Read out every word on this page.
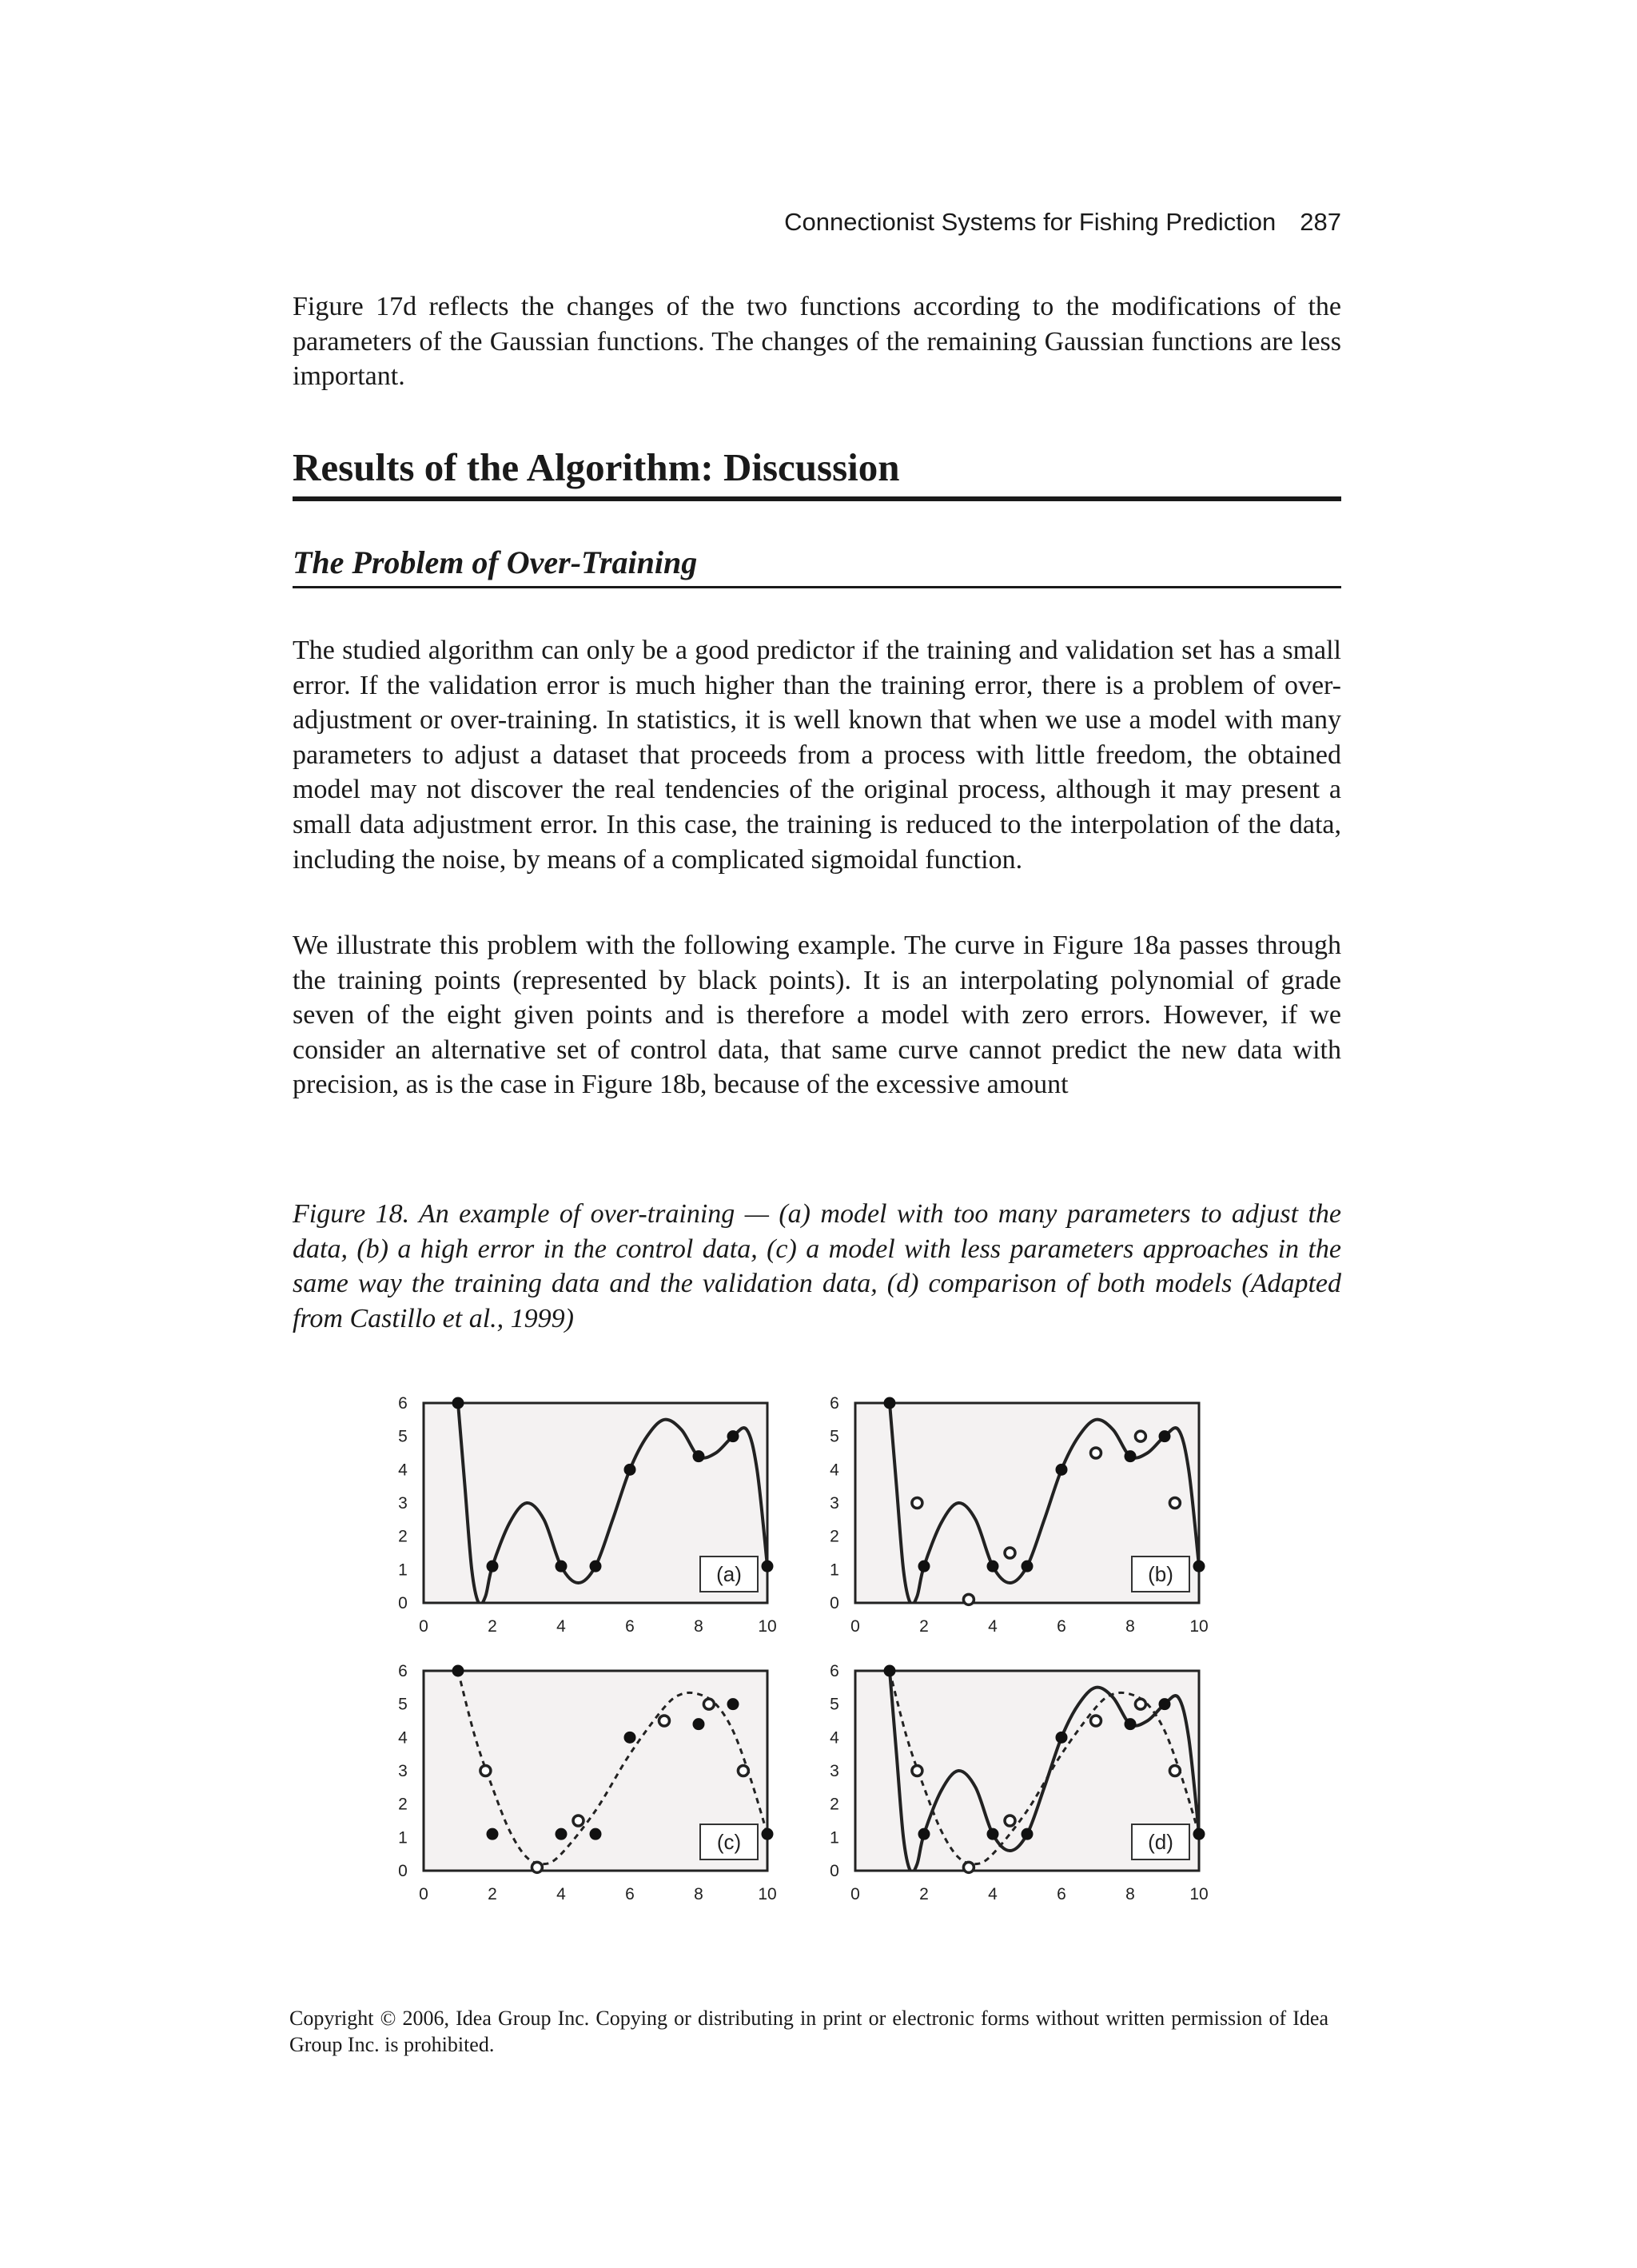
Connectionist Systems for Fishing Prediction 287

Figure 17d reflects the changes of the two functions according to the modifications of the parameters of the Gaussian functions. The changes of the remaining Gaussian functions are less important.

Results of the Algorithm: Discussion
The Problem of Over-Training

The studied algorithm can only be a good predictor if the training and validation set has a small error. If the validation error is much higher than the training error, there is a problem of over-adjustment or over-training. In statistics, it is well known that when we use a model with many parameters to adjust a dataset that proceeds from a process with little freedom, the obtained model may not discover the real tendencies of the original process, although it may present a small data adjustment error. In this case, the training is reduced to the interpolation of the data, including the noise, by means of a complicated sigmoidal function.

We illustrate this problem with the following example. The curve in Figure 18a passes through the training points (represented by black points). It is an interpolating polynomial of grade seven of the eight given points and is therefore a model with zero errors. However, if we consider an alternative set of control data, that same curve cannot predict the new data with precision, as is the case in Figure 18b, because of the excessive amount

Figure 18. An example of over-training — (a) model with too many parameters to adjust the data, (b) a high error in the control data, (c) a model with less parameters approaches in the same way the training data and the validation data, (d) comparison of both models (Adapted from Castillo et al., 1999)

0
1
2
3
4
5
6
0	2	4	6	8	10
(a)
0
1
2
3
4
5
6
0	2	4	6	8	10
(b)
0
1
2
3
4
5
6
0	2	4	6	8	10
(c)
0
1
2
3
4
5
6
0	2	4	6	8	10
(d)

Copyright © 2006, Idea Group Inc. Copying or distributing in print or electronic forms without written permission of Idea Group Inc. is prohibited.
